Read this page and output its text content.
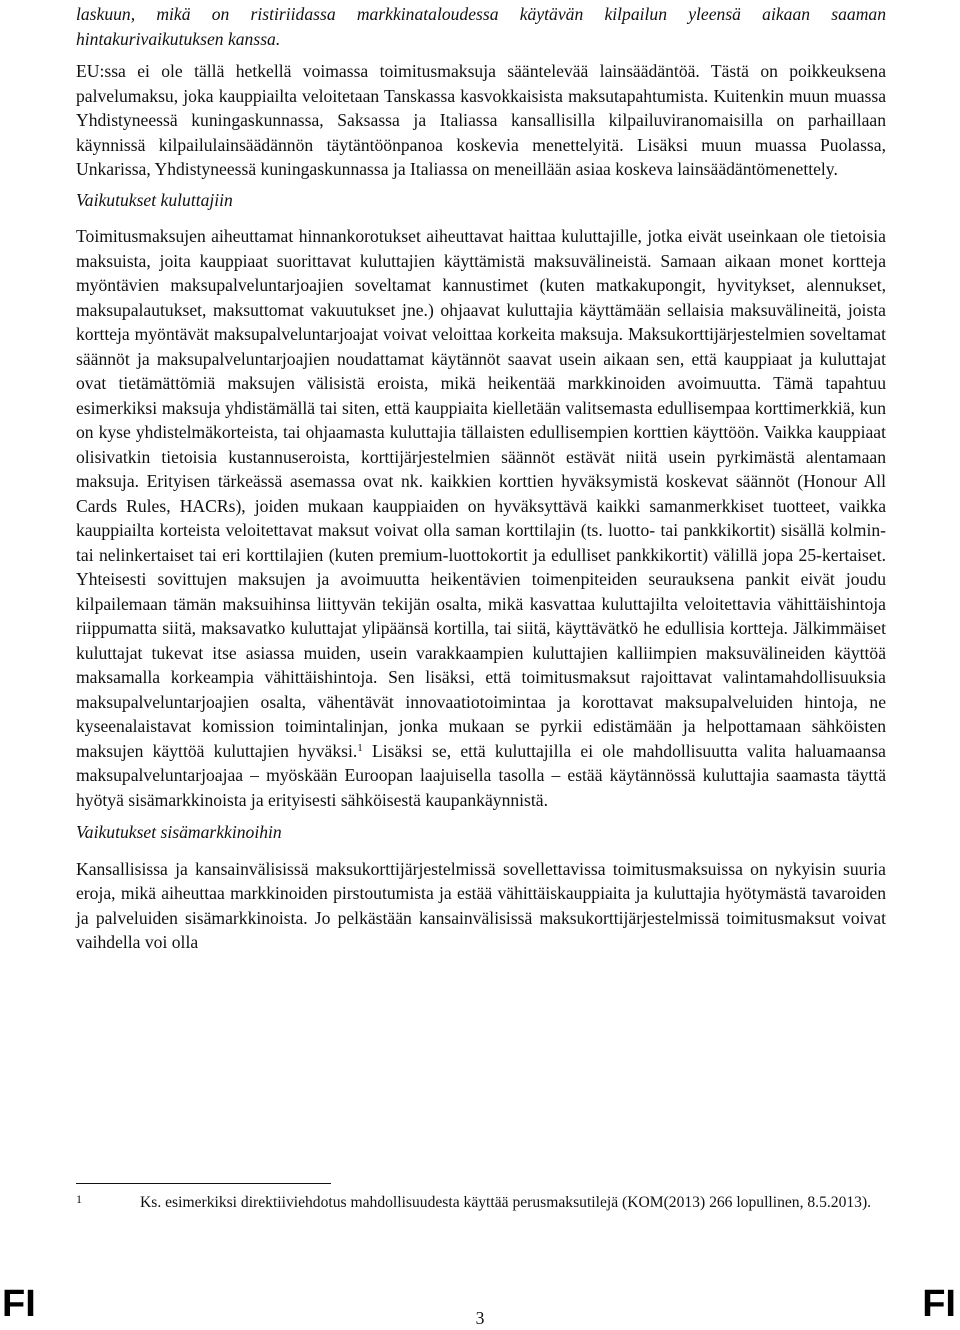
laskuun, mikä on ristiriidassa markkinataloudessa käytävän kilpailun yleensä aikaan saaman hintakurivaikutuksen kanssa.

EU:ssa ei ole tällä hetkellä voimassa toimitusmaksuja sääntelevää lainsäädäntöä. Tästä on poikkeuksena palvelumaksu, joka kauppiailta veloitetaan Tanskassa kasvokkaisista maksutapahtumista. Kuitenkin muun muassa Yhdistyneessä kuningaskunnassa, Saksassa ja Italiassa kansallisilla kilpailuviranomaisilla on parhaillaan käynnissä kilpailulainsäädännön täytäntöönpanoa koskevia menettelyitä. Lisäksi muun muassa Puolassa, Unkarissa, Yhdistyneessä kuningaskunnassa ja Italiassa on meneillään asiaa koskeva lainsäädäntömenettely.

Vaikutukset kuluttajiin

Toimitusmaksujen aiheuttamat hinnankorotukset aiheuttavat haittaa kuluttajille, jotka eivät useinkaan ole tietoisia maksuista, joita kauppiaat suorittavat kuluttajien käyttämistä maksuvälineistä. Samaan aikaan monet kortteja myöntävien maksupalveluntarjoajien soveltamat kannustimet (kuten matkakupongit, hyvitykset, alennukset, maksupalautukset, maksuttomat vakuutukset jne.) ohjaavat kuluttajia käyttämään sellaisia maksuvälineitä, joista kortteja myöntävät maksupalveluntarjoajat voivat veloittaa korkeita maksuja. Maksukorttijärjestelmien soveltamat säännöt ja maksupalveluntarjoajien noudattamat käytännöt saavat usein aikaan sen, että kauppiaat ja kuluttajat ovat tietämättömiä maksujen välisistä eroista, mikä heikentää markkinoiden avoimuutta. Tämä tapahtuu esimerkiksi maksuja yhdistämällä tai siten, että kauppiaita kielletään valitsemasta edullisempaa korttimerkkiä, kun on kyse yhdistelmäkorteista, tai ohjaamasta kuluttajia tällaisten edullisempien korttien käyttöön. Vaikka kauppiaat olisivatkin tietoisia kustannuseroista, korttijärjestelmien säännöt estävät niitä usein pyrkimästä alentamaan maksuja. Erityisen tärkeässä asemassa ovat nk. kaikkien korttien hyväksymistä koskevat säännöt (Honour All Cards Rules, HACRs), joiden mukaan kauppiaiden on hyväksyttävä kaikki samanmerkkiset tuotteet, vaikka kauppiailta korteista veloitettavat maksut voivat olla saman korttilajin (ts. luotto- tai pankkikortit) sisällä kolmin- tai nelinkertaiset tai eri korttilajien (kuten premium-luottokortit ja edulliset pankkikortit) välillä jopa 25-kertaiset. Yhteisesti sovittujen maksujen ja avoimuutta heikentävien toimenpiteiden seurauksena pankit eivät joudu kilpailemaan tämän maksuihinsa liittyvän tekijän osalta, mikä kasvattaa kuluttajilta veloitettavia vähittäishintoja riippumatta siitä, maksavatko kuluttajat ylipäänsä kortilla, tai siitä, käyttävätkö he edullisia kortteja. Jälkimmäiset kuluttajat tukevat itse asiassa muiden, usein varakkaampien kuluttajien kalliimpien maksuvälineiden käyttöä maksamalla korkeampia vähittäishintoja. Sen lisäksi, että toimitusmaksut rajoittavat valintamahdollisuuksia maksupalveluntarjoajien osalta, vähentävät innovaatiotoimintaa ja korottavat maksupalveluiden hintoja, ne kyseenalaistavat komission toimintalinjan, jonka mukaan se pyrkii edistämään ja helpottamaan sähköisten maksujen käyttöä kuluttajien hyväksi.$^1$ Lisäksi se, että kuluttajilla ei ole mahdollisuutta valita haluamaansa maksupalveluntarjoajaa – myöskään Euroopan laajuisella tasolla – estää käytännössä kuluttajia saamasta täyttä hyötyä sisämarkkinoista ja erityisesti sähköisestä kaupankäynnistä.

Vaikutukset sisämarkkinoihin

Kansallisissa ja kansainvälisissä maksukorttijärjestelmissä sovellettavissa toimitusmaksuissa on nykyisin suuria eroja, mikä aiheuttaa markkinoiden pirstoutumista ja estää vähittäiskauppiaita ja kuluttajia hyötymästä tavaroiden ja palveluiden sisämarkkinoista. Jo pelkästään kansainvälisissä maksukorttijärjestelmissä toimitusmaksut voivat vaihdella voi olla

1	Ks. esimerkiksi direktiiviehdotus mahdollisuudesta käyttää perusmaksutilejä (KOM(2013) 266 lopullinen, 8.5.2013).
FI	3	FI
